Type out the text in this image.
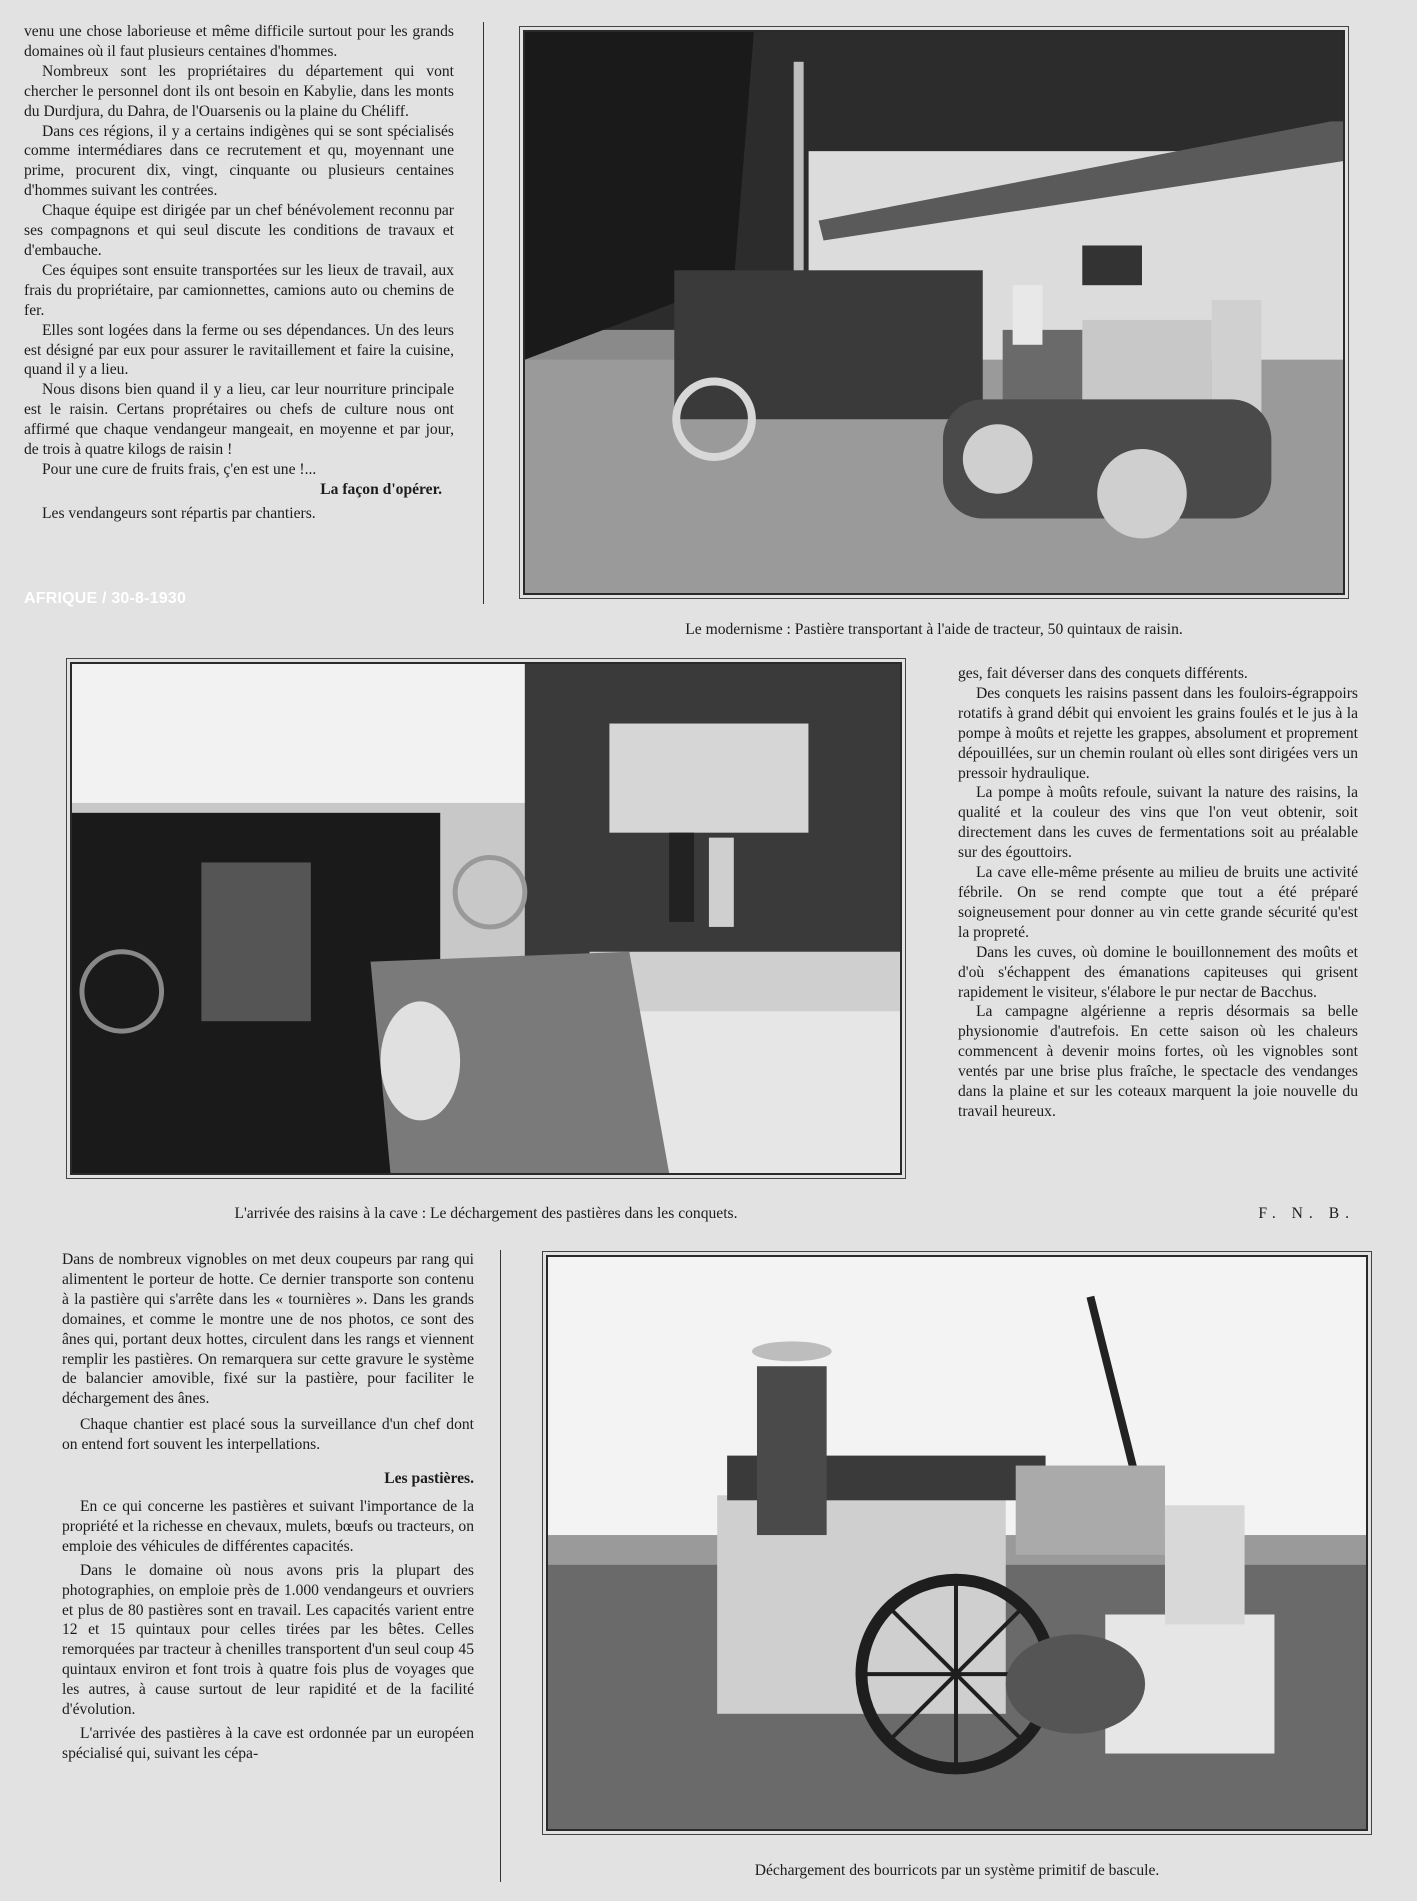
venu une chose laborieuse et même difficile surtout pour les grands domaines où il faut plusieurs centaines d'hommes.

Nombreux sont les propriétaires du département qui vont chercher le personnel dont ils ont besoin en Kabylie, dans les monts du Durdjura, du Dahra, de l'Ouarsenis ou la plaine du Chéliff.

Dans ces régions, il y a certains indigènes qui se sont spécialisés comme intermédiares dans ce recrutement et qu, moyennant une prime, procurent dix, vingt, cinquante ou plusieurs centaines d'hommes suivant les contrées.

Chaque équipe est dirigée par un chef bénévolement reconnu par ses compagnons et qui seul discute les conditions de travaux et d'embauche.

Ces équipes sont ensuite transportées sur les lieux de travail, aux frais du propriétaire, par camionnettes, camions auto ou chemins de fer.

Elles sont logées dans la ferme ou ses dépendances. Un des leurs est désigné par eux pour assurer le ravitaillement et faire la cuisine, quand il y a lieu.

Nous disons bien quand il y a lieu, car leur nourriture principale est le raisin. Certans proprétaires ou chefs de culture nous ont affirmé que chaque vendangeur mangeait, en moyenne et par jour, de trois à quatre kilogs de raisin !

Pour une cure de fruits frais, ç'en est une !...

La façon d'opérer.

Les vendangeurs sont répartis par chantiers.

AFRIQUE / 30-8-1930
Le modernisme : Pastière transportant à l'aide de tracteur, 50 quintaux de raisin.
L'arrivée des raisins à la cave : Le déchargement des pastières dans les conquets.

ges, fait déverser dans des conquets différents.

Des conquets les raisins passent dans les fouloirs-égrappoirs rotatifs à grand débit qui envoient les grains foulés et le jus à la pompe à moûts et rejette les grappes, absolument et proprement dépouillées, sur un chemin roulant où elles sont dirigées vers un pressoir hydraulique.

La pompe à moûts refoule, suivant la nature des raisins, la qualité et la couleur des vins que l'on veut obtenir, soit directement dans les cuves de fermentations soit au préalable sur des égouttoirs.

La cave elle-même présente au milieu de bruits une activité fébrile. On se rend compte que tout a été préparé soigneusement pour donner au vin cette grande sécurité qu'est la propreté.

Dans les cuves, où domine le bouillonnement des moûts et d'où s'échappent des émanations capiteuses qui grisent rapidement le visiteur, s'élabore le pur nectar de Bacchus.

La campagne algérienne a repris désormais sa belle physionomie d'autrefois. En cette saison où les chaleurs commencent à devenir moins fortes, où les vignobles sont ventés par une brise plus fraîche, le spectacle des vendanges dans la plaine et sur les coteaux marquent la joie nouvelle du travail heureux.

F. N. B.

Dans de nombreux vignobles on met deux coupeurs par rang qui alimentent le porteur de hotte. Ce dernier transporte son contenu à la pastière qui s'arrête dans les « tournières ». Dans les grands domaines, et comme le montre une de nos photos, ce sont des ânes qui, portant deux hottes, circulent dans les rangs et viennent remplir les pastières. On remarquera sur cette gravure le système de balancier amovible, fixé sur la pastière, pour faciliter le déchargement des ânes.

Chaque chantier est placé sous la surveillance d'un chef dont on entend fort souvent les interpellations.

Les pastières.

En ce qui concerne les pastières et suivant l'importance de la propriété et la richesse en chevaux, mulets, bœufs ou tracteurs, on emploie des véhicules de différentes capacités.

Dans le domaine où nous avons pris la plupart des photographies, on emploie près de 1.000 vendangeurs et ouvriers et plus de 80 pastières sont en travail. Les capacités varient entre 12 et 15 quintaux pour celles tirées par les bêtes. Celles remorquées par tracteur à chenilles transportent d'un seul coup 45 quintaux environ et font trois à quatre fois plus de voyages que les autres, à cause surtout de leur rapidité et de la facilité d'évolution.

L'arrivée des pastières à la cave est ordonnée par un européen spécialisé qui, suivant les cépa-

Déchargement des bourricots par un système primitif de bascule.
